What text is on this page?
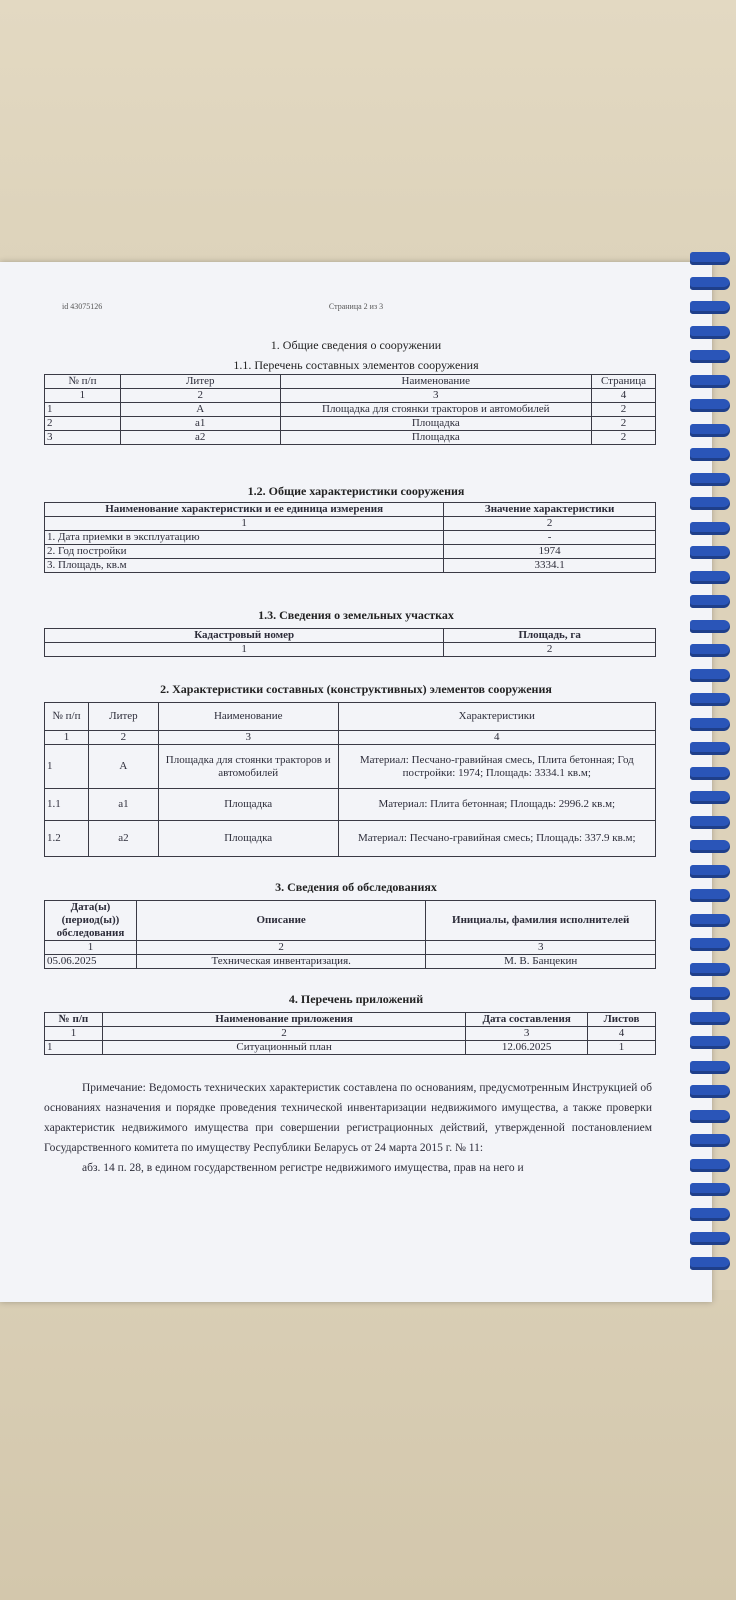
id 43075126	Страница 2 из 3
1. Общие сведения о сооружении
1.1. Перечень составных элементов сооружения
№ п/п	Литер	Наименование	Страница
1	2	3	4
1	А	Площадка для стоянки тракторов и автомобилей	2
2	а1	Площадка	2
3	а2	Площадка	2
1.2. Общие характеристики сооружения
Наименование характеристики и ее единица измерения	Значение характеристики
1	2
1. Дата приемки в эксплуатацию	-
2. Год постройки	1974
3. Площадь, кв.м	3334.1
1.3. Сведения о земельных участках
Кадастровый номер	Площадь, га
1	2
2. Характеристики составных (конструктивных) элементов сооружения
№ п/п	Литер	Наименование	Характеристики
1	2	3	4
1	А	Площадка для стоянки тракторов и автомобилей	Материал: Песчано-гравийная смесь, Плита бетонная; Год постройки: 1974; Площадь: 3334.1 кв.м;
1.1	а1	Площадка	Материал: Плита бетонная; Площадь: 2996.2 кв.м;
1.2	а2	Площадка	Материал: Песчано-гравийная смесь; Площадь: 337.9 кв.м;
3. Сведения об обследованиях
Дата(ы) (период(ы)) обследования	Описание	Инициалы, фамилия исполнителей
1	2	3
05.06.2025	Техническая инвентаризация.	М. В. Банцекин
4. Перечень приложений
№ п/п	Наименование приложения	Дата составления	Листов
1	2	3	4
1	Ситуационный план	12.06.2025	1

Примечание: Ведомость технических характеристик составлена по основаниям, предусмотренным Инструкцией об основаниях назначения и порядке проведения технической инвентаризации недвижимого имущества, а также проверки характеристик недвижимого имущества при совершении регистрационных действий, утвержденной постановлением Государственного комитета по имуществу Республики Беларусь от 24 марта 2015 г. № 11:

абз. 14 п. 28, в едином государственном регистре недвижимого имущества, прав на него и
